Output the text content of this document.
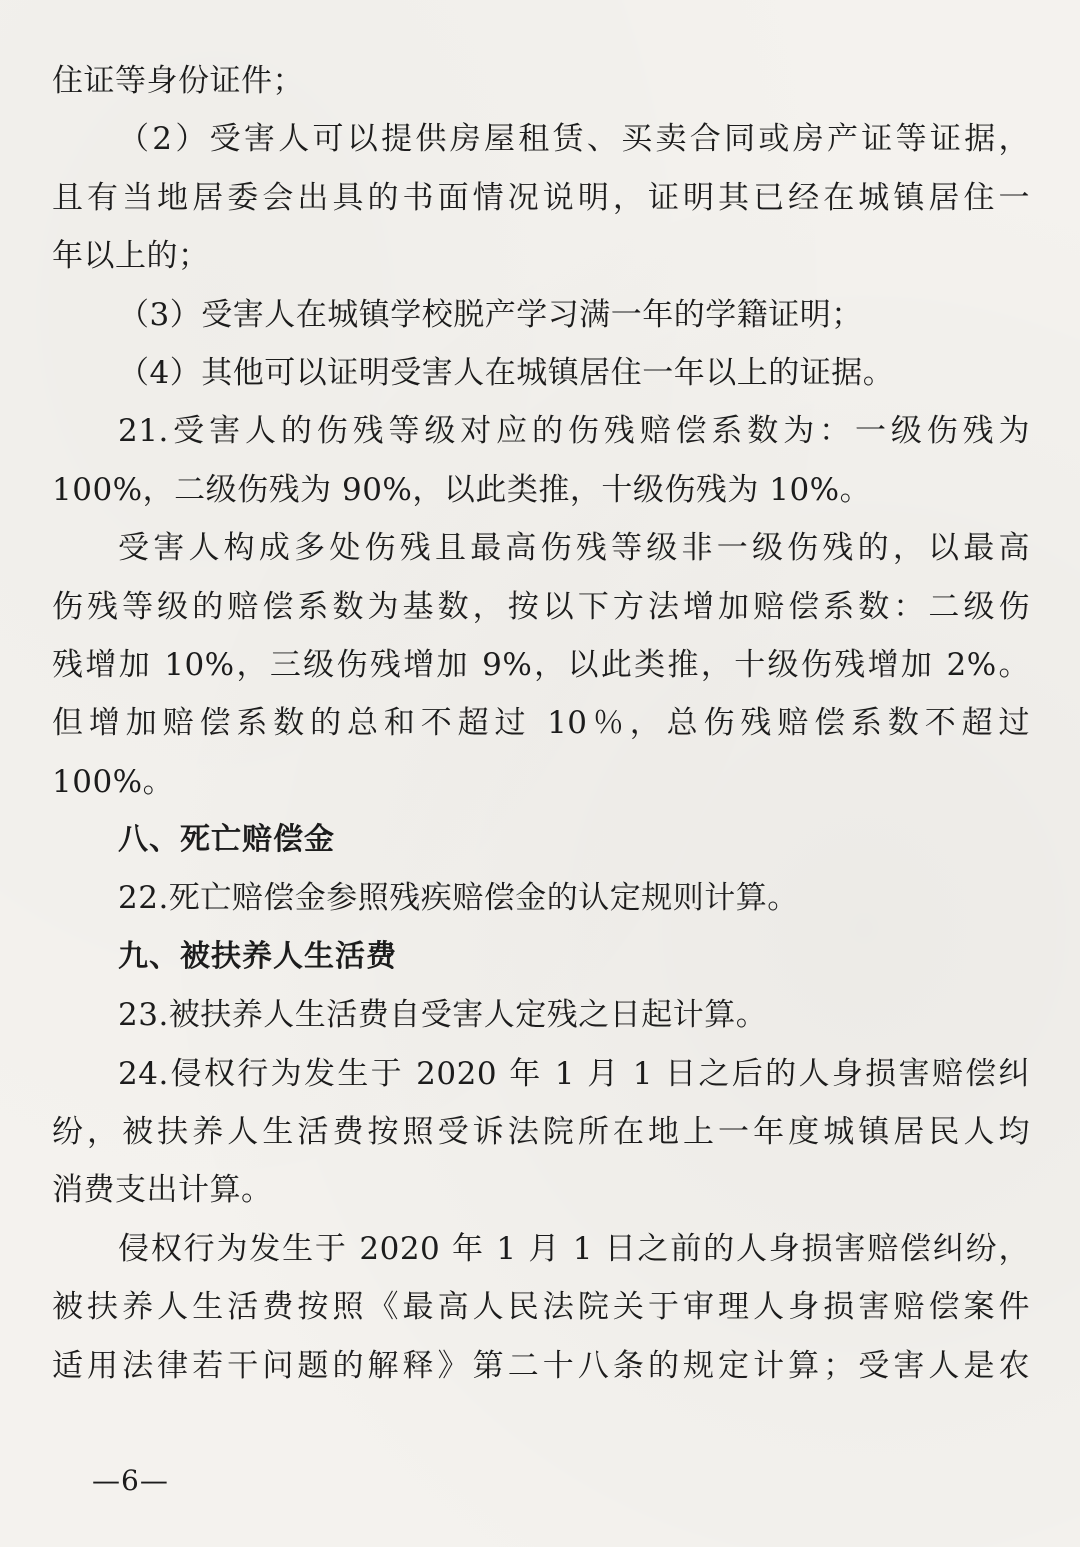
住证等身份证件；
（2）受害人可以提供房屋租赁、买卖合同或房产证等证据，
且有当地居委会出具的书面情况说明，证明其已经在城镇居住一
年以上的；
（3）受害人在城镇学校脱产学习满一年的学籍证明；
（4）其他可以证明受害人在城镇居住一年以上的证据。
21.受害人的伤残等级对应的伤残赔偿系数为：一级伤残为
100%，二级伤残为 90%，以此类推，十级伤残为 10%。
受害人构成多处伤残且最高伤残等级非一级伤残的，以最高
伤残等级的赔偿系数为基数，按以下方法增加赔偿系数：二级伤
残增加 10%，三级伤残增加 9%，以此类推，十级伤残增加 2%。
但增加赔偿系数的总和不超过 10％，总伤残赔偿系数不超过
100%。
八、死亡赔偿金
22.死亡赔偿金参照残疾赔偿金的认定规则计算。
九、被扶养人生活费
23.被扶养人生活费自受害人定残之日起计算。
24.侵权行为发生于 2020 年 1 月 1 日之后的人身损害赔偿纠
纷，被扶养人生活费按照受诉法院所在地上一年度城镇居民人均
消费支出计算。
侵权行为发生于 2020 年 1 月 1 日之前的人身损害赔偿纠纷，
被扶养人生活费按照《最高人民法院关于审理人身损害赔偿案件
适用法律若干问题的解释》第二十八条的规定计算；受害人是农
—6—
